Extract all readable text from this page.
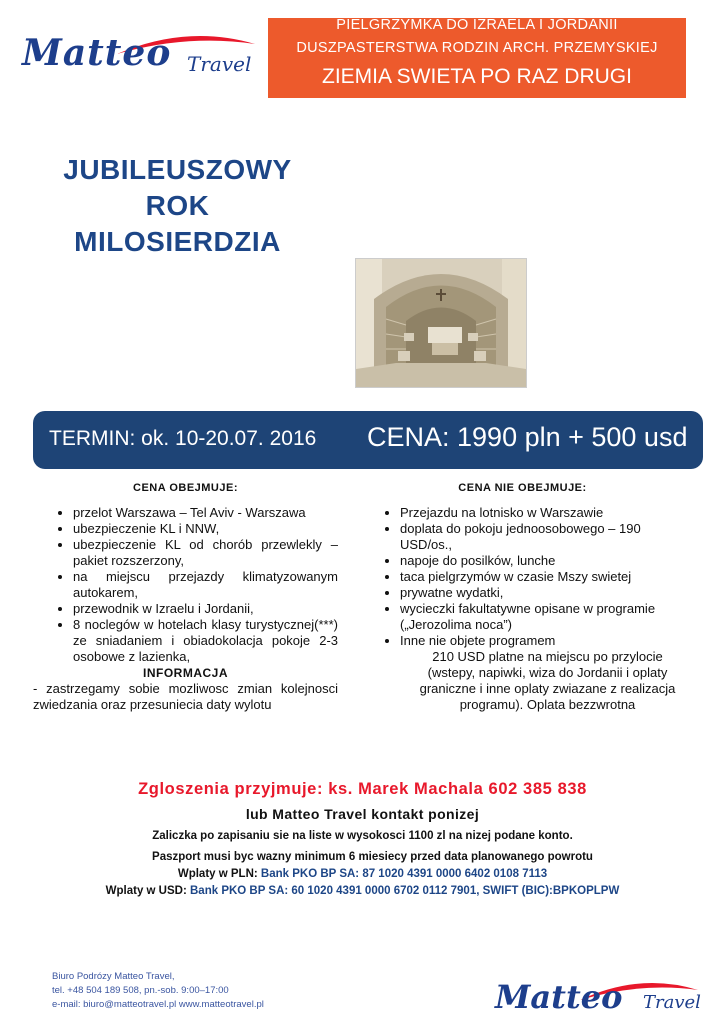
Matteo Travel
PIELGRZYMKA DO IZRAELA I JORDANII
DUSZPASTERSTWA RODZIN ARCH. PRZEMYSKIEJ
ZIEMIA SWIETA PO RAZ DRUGI
JUBILEUSZOWY ROK
MILOSIERDZIA
TERMIN: ok. 10-20.07. 2016 CENA: 1990 pln + 500 usd
CENA OBEJMUJE:
• przelot Warszawa – Tel Aviv - Warszawa
• ubezpieczenie KL i NNW,
• ubezpieczenie KL od chorób przewlekly – pakiet rozszerzony,
• na miejscu przejazdy klimatyzowanym autokarem,
• przewodnik w Izraelu i Jordanii,
• 8 noclegów w hotelach klasy turystycznej(***) ze sniadaniem i obiadokolacja pokoje 2-3 osobowe z lazienka,

INFORMACJA

- zastrzegamy sobie mozliwosc zmian kolejnosci zwiedzania oraz przesuniecia daty wylotu

CENA NIE OBEJMUJE:
• Przejazdu na lotnisko w Warszawie
• doplata do pokoju jednoosobowego – 190 USD/os.,
• napoje do posilków, lunche
• taca pielgrzymów w czasie Mszy swietej
• prywatne wydatki,
• wycieczki fakultatywne opisane w programie („Jerozolima noca”)
• Inne nie objete programem

210 USD platne na miejscu po przylocie (wstepy, napiwki, wiza do Jordanii i oplaty graniczne i inne oplaty zwiazane z realizacja programu). Oplata bezzwrotna

Zgloszenia przyjmuje: ks. Marek Machala 602 385 838
lub Matteo Travel kontakt ponizej
Zaliczka po zapisaniu sie na liste w wysokosci 1100 zl na nizej podane konto.
Paszport musi byc wazny minimum 6 miesiecy przed data planowanego powrotu
Wplaty w PLN: Bank PKO BP SA: 87 1020 4391 0000 6402 0108 7113
Wplaty w USD: Bank PKO BP SA: 60 1020 4391 0000 6702 0112 7901, SWIFT (BIC):BPKOPLPW
Biuro Podrózy Matteo Travel,
tel. +48 504 189 508, pn.-sob. 9:00–17:00
e-mail: biuro@matteotravel.pl www.matteotravel.pl	Matteo Travel
